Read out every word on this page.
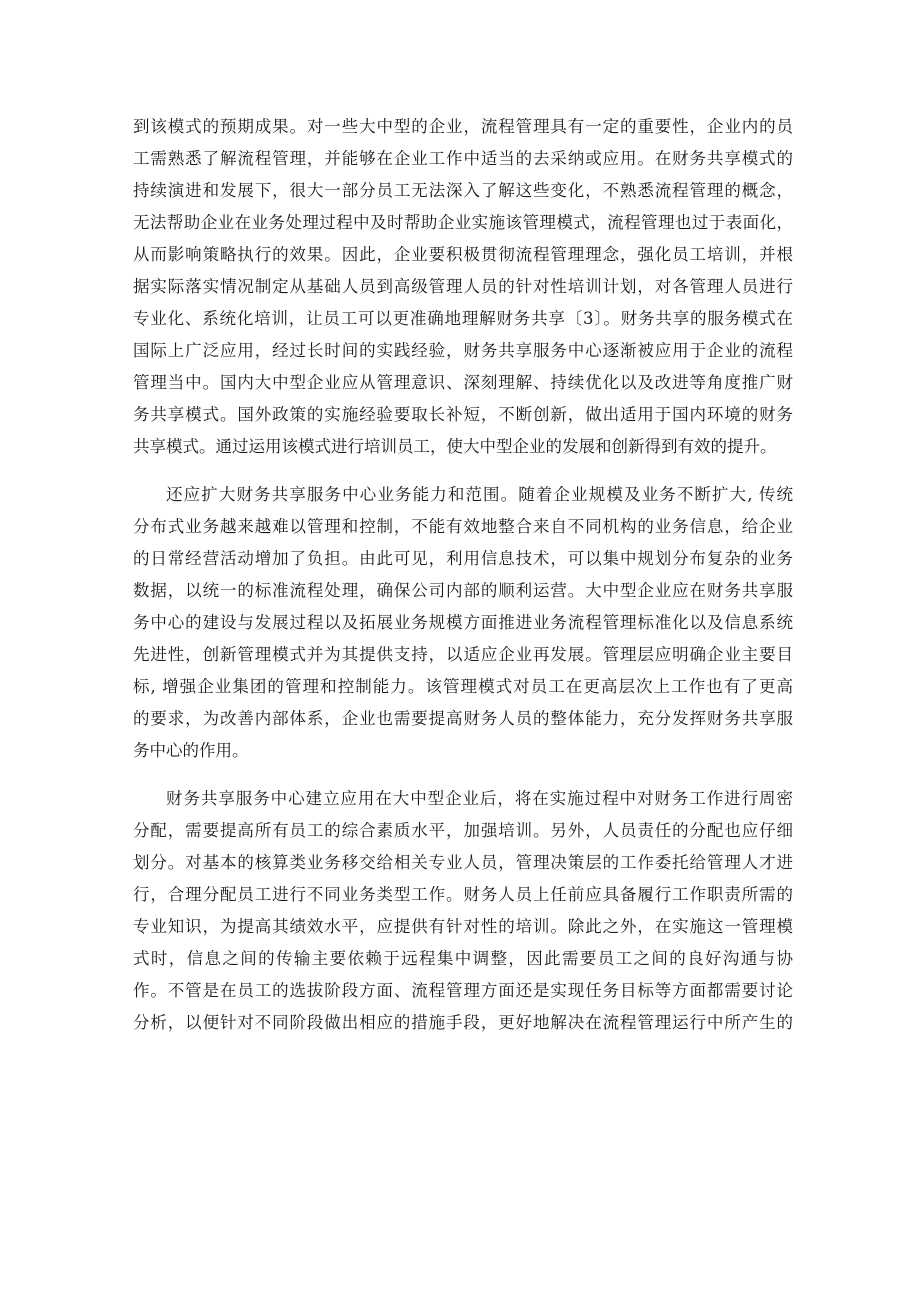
到该模式的预期成果。对一些大中型的企业，流程管理具有一定的重要性，企业内的员
工需熟悉了解流程管理，并能够在企业工作中适当的去采纳或应用。在财务共享模式的
持续演进和发展下，很大一部分员工无法深入了解这些变化，不熟悉流程管理的概念，
无法帮助企业在业务处理过程中及时帮助企业实施该管理模式，流程管理也过于表面化，
从而影响策略执行的效果。因此，企业要积极贯彻流程管理理念，强化员工培训，并根
据实际落实情况制定从基础人员到高级管理人员的针对性培训计划，对各管理人员进行
专业化、系统化培训，让员工可以更准确地理解财务共享〔3〕。财务共享的服务模式在
国际上广泛应用，经过长时间的实践经验，财务共享服务中心逐渐被应用于企业的流程
管理当中。国内大中型企业应从管理意识、深刻理解、持续优化以及改进等角度推广财
务共享模式。国外政策的实施经验要取长补短，不断创新，做出适用于国内环境的财务
共享模式。通过运用该模式进行培训员工，使大中型企业的发展和创新得到有效的提升。
还应扩大财务共享服务中心业务能力和范围。随着企业规模及业务不断扩大, 传统
分布式业务越来越难以管理和控制，不能有效地整合来自不同机构的业务信息，给企业
的日常经营活动增加了负担。由此可见，利用信息技术，可以集中规划分布复杂的业务
数据，以统一的标准流程处理，确保公司内部的顺利运营。大中型企业应在财务共享服
务中心的建设与发展过程以及拓展业务规模方面推进业务流程管理标准化以及信息系统
先进性，创新管理模式并为其提供支持，以适应企业再发展。管理层应明确企业主要目
标, 增强企业集团的管理和控制能力。该管理模式对员工在更高层次上工作也有了更高
的要求，为改善内部体系，企业也需要提高财务人员的整体能力，充分发挥财务共享服
务中心的作用。
财务共享服务中心建立应用在大中型企业后，将在实施过程中对财务工作进行周密
分配，需要提高所有员工的综合素质水平，加强培训。另外，人员责任的分配也应仔细
划分。对基本的核算类业务移交给相关专业人员，管理决策层的工作委托给管理人才进
行，合理分配员工进行不同业务类型工作。财务人员上任前应具备履行工作职责所需的
专业知识，为提高其绩效水平，应提供有针对性的培训。除此之外，在实施这一管理模
式时，信息之间的传输主要依赖于远程集中调整，因此需要员工之间的良好沟通与协
作。不管是在员工的选拔阶段方面、流程管理方面还是实现任务目标等方面都需要讨论
分析，以便针对不同阶段做出相应的措施手段，更好地解决在流程管理运行中所产生的
